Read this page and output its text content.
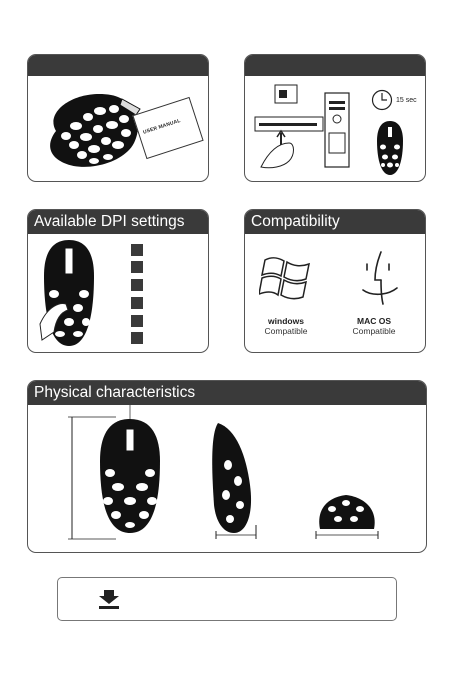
USER MANUAL
15 sec
Available DPI settings	Compatibility
windows
Compatible
MAC OS
Compatible
Physical characteristics
